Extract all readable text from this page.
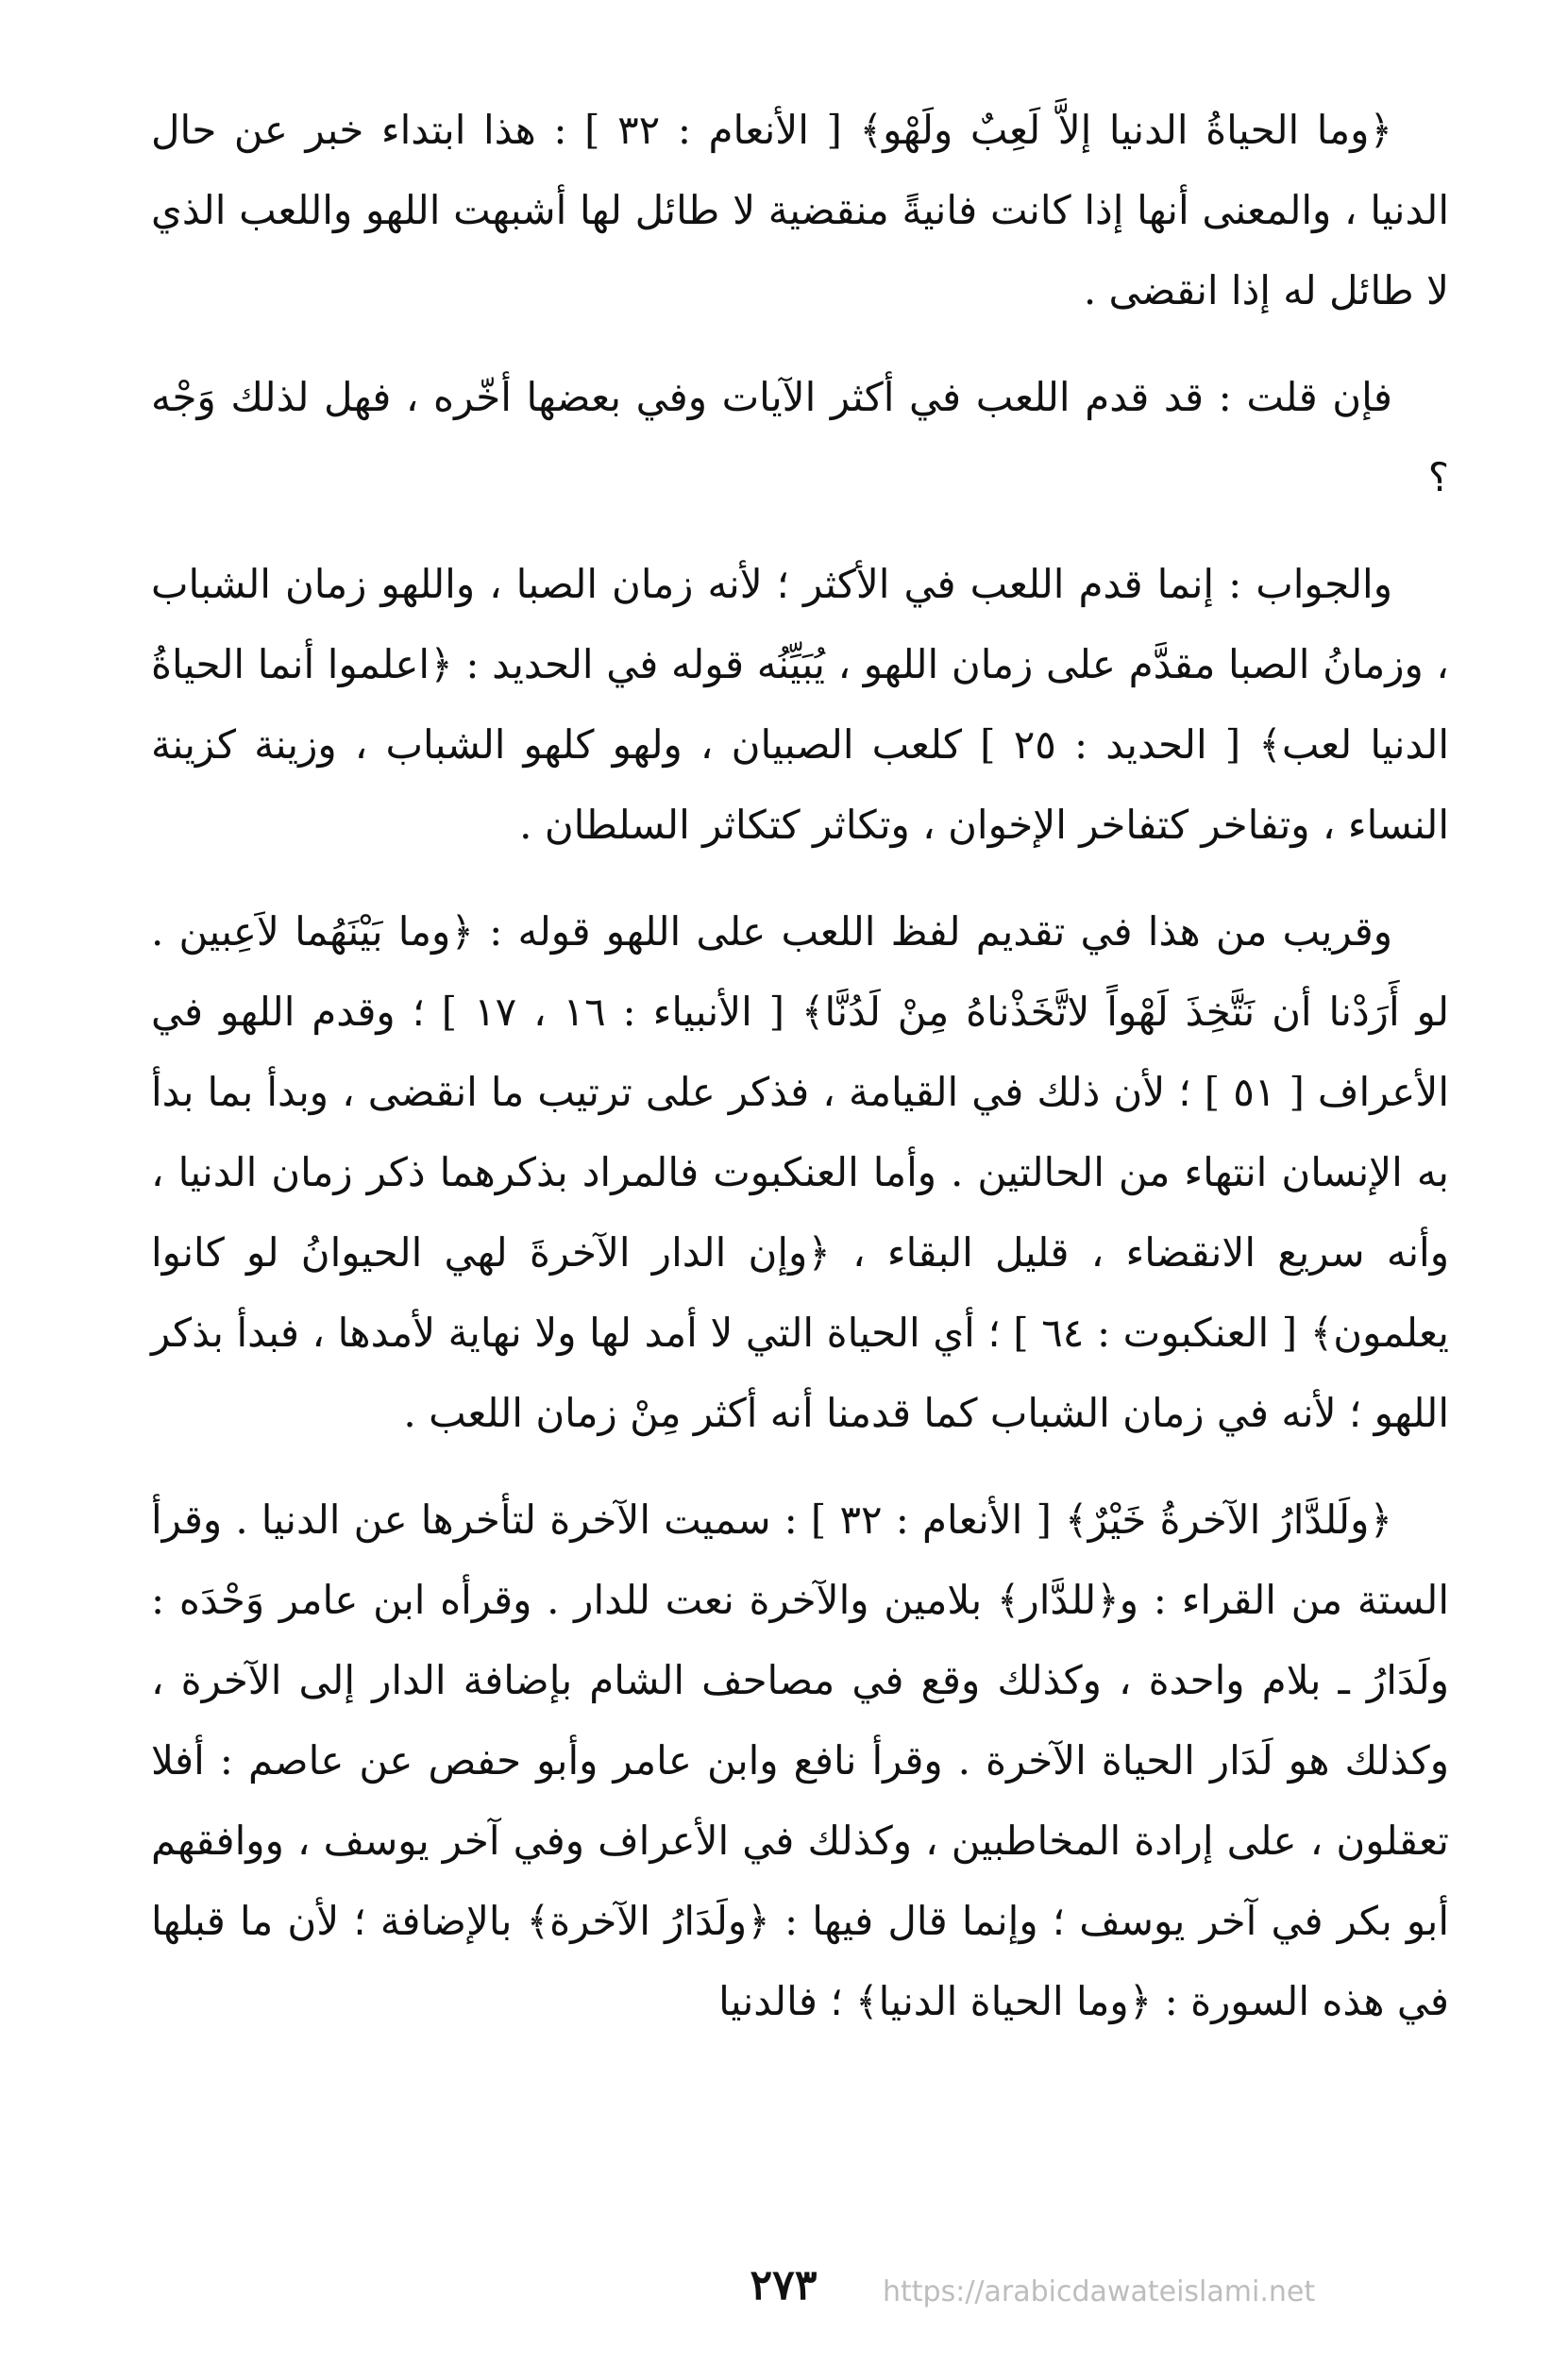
﴿وما الحياةُ الدنيا إلاَّ لَعِبٌ ولَهْو﴾ [ الأنعام : ٣٢ ] : هذا ابتداء خبر عن حال الدنيا ، والمعنى أنها إذا كانت فانيةً منقضية لا طائل لها أشبهت اللهو واللعب الذي لا طائل له إذا انقضى .

فإن قلت : قد قدم اللعب في أكثر الآيات وفي بعضها أخّره ، فهل لذلك وَجْه ؟

والجواب : إنما قدم اللعب في الأكثر ؛ لأنه زمان الصبا ، واللهو زمان الشباب ، وزمانُ الصبا مقدَّم على زمان اللهو ، يُبَيِّنُه قوله في الحديد : ﴿اعلموا أنما الحياةُ الدنيا لعب﴾ [ الحديد : ٢٥ ] كلعب الصبيان ، ولهو كلهو الشباب ، وزينة كزينة النساء ، وتفاخر كتفاخر الإخوان ، وتكاثر كتكاثر السلطان .

وقريب من هذا في تقديم لفظ اللعب على اللهو قوله : ﴿وما بَيْنَهُما لاَعِبين . لو أَرَدْنا أن نَتَّخِذَ لَهْواً لاتَّخَذْناهُ مِنْ لَدُنَّا﴾ [ الأنبياء : ١٦ ، ١٧ ] ؛ وقدم اللهو في الأعراف [ ٥١ ] ؛ لأن ذلك في القيامة ، فذكر على ترتيب ما انقضى ، وبدأ بما بدأ به الإنسان انتهاء من الحالتين . وأما العنكبوت فالمراد بذكرهما ذكر زمان الدنيا ، وأنه سريع الانقضاء ، قليل البقاء ، ﴿وإن الدار الآخرةَ لهي الحيوانُ لو كانوا يعلمون﴾ [ العنكبوت : ٦٤ ] ؛ أي الحياة التي لا أمد لها ولا نهاية لأمدها ، فبدأ بذكر اللهو ؛ لأنه في زمان الشباب كما قدمنا أنه أكثر مِنْ زمان اللعب .

﴿ولَلدَّارُ الآخرةُ خَيْرٌ﴾ [ الأنعام : ٣٢ ] : سميت الآخرة لتأخرها عن الدنيا . وقرأ الستة من القراء : و﴿للدَّار﴾ بلامين والآخرة نعت للدار . وقرأه ابن عامر وَحْدَه : ولَدَارُ ـ بلام واحدة ، وكذلك وقع في مصاحف الشام بإضافة الدار إلى الآخرة ، وكذلك هو لَدَار الحياة الآخرة . وقرأ نافع وابن عامر وأبو حفص عن عاصم : أفلا تعقلون ، على إرادة المخاطبين ، وكذلك في الأعراف وفي آخر يوسف ، ووافقهم أبو بكر في آخر يوسف ؛ وإنما قال فيها : ﴿ولَدَارُ الآخرة﴾ بالإضافة ؛ لأن ما قبلها في هذه السورة : ﴿وما الحياة الدنيا﴾ ؛ فالدنيا

٢٧٣	https://arabicdawateislami.net
